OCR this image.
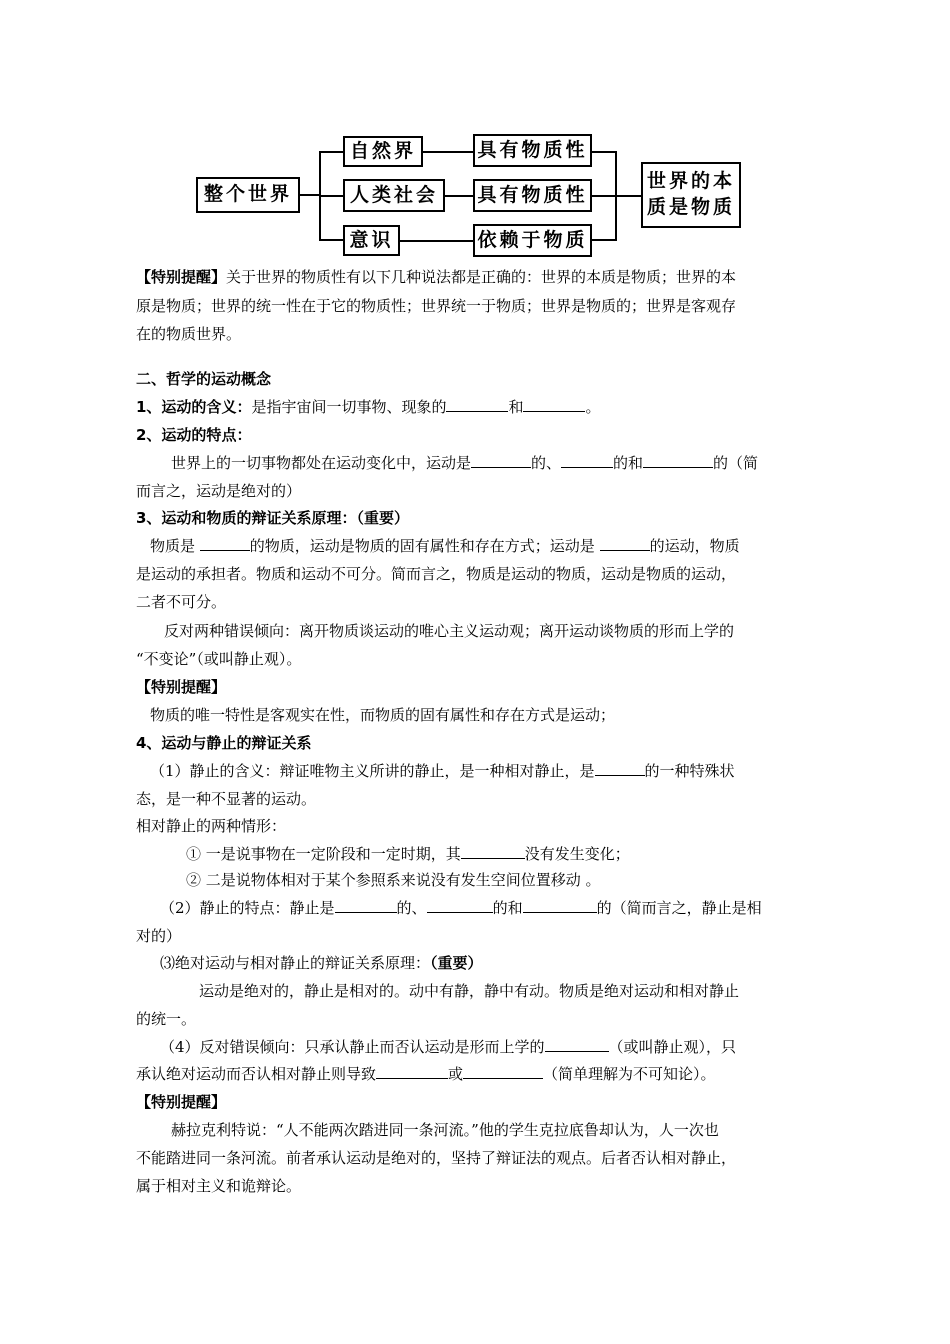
整个世界
自然界
人类社会
意识
具有物质性
具有物质性
依赖于物质
世界的本
质是物质
【特别提醒】关于世界的物质性有以下几种说法都是正确的：世界的本质是物质；世界的本
原是物质；世界的统一性在于它的物质性；世界统一于物质；世界是物质的；世界是客观存
在的物质世界。
二、哲学的运动概念
1、运动的含义：是指宇宙间一切事物、现象的	和	。
2、运动的特点：
世界上的一切事物都处在运动变化中，运动是	的、	的和	的（简
而言之，运动是绝对的）
3、运动和物质的辩证关系原理：（重要）
物质是	的物质，运动是物质的固有属性和存在方式；运动是	的运动，物质
是运动的承担者。物质和运动不可分。简而言之，物质是运动的物质，运动是物质的运动，
二者不可分。
反对两种错误倾向：离开物质谈运动的唯心主义运动观；离开运动谈物质的形而上学的
“不变论”（或叫静止观）。
【特别提醒】
物质的唯一特性是客观实在性，而物质的固有属性和存在方式是运动；
4、运动与静止的辩证关系
（1）静止的含义：辩证唯物主义所讲的静止，是一种相对静止，是	的一种特殊状
态，是一种不显著的运动。
相对静止的两种情形：
① 一是说事物在一定阶段和一定时期，其	没有发生变化；
② 二是说物体相对于某个参照系来说没有发生空间位置移动 。
（2）静止的特点：静止是	的、	的和	的（简而言之，静止是相
对的）
⑶绝对运动与相对静止的辩证关系原理：（重要）
运动是绝对的，静止是相对的。动中有静，静中有动。物质是绝对运动和相对静止
的统一。
（4）反对错误倾向：只承认静止而否认运动是形而上学的	（或叫静止观），只
承认绝对运动而否认相对静止则导致	或	（简单理解为不可知论）。
【特别提醒】
赫拉克利特说：“人不能两次踏进同一条河流。”他的学生克拉底鲁却认为，人一次也
不能踏进同一条河流。前者承认运动是绝对的，坚持了辩证法的观点。后者否认相对静止，
属于相对主义和诡辩论。
